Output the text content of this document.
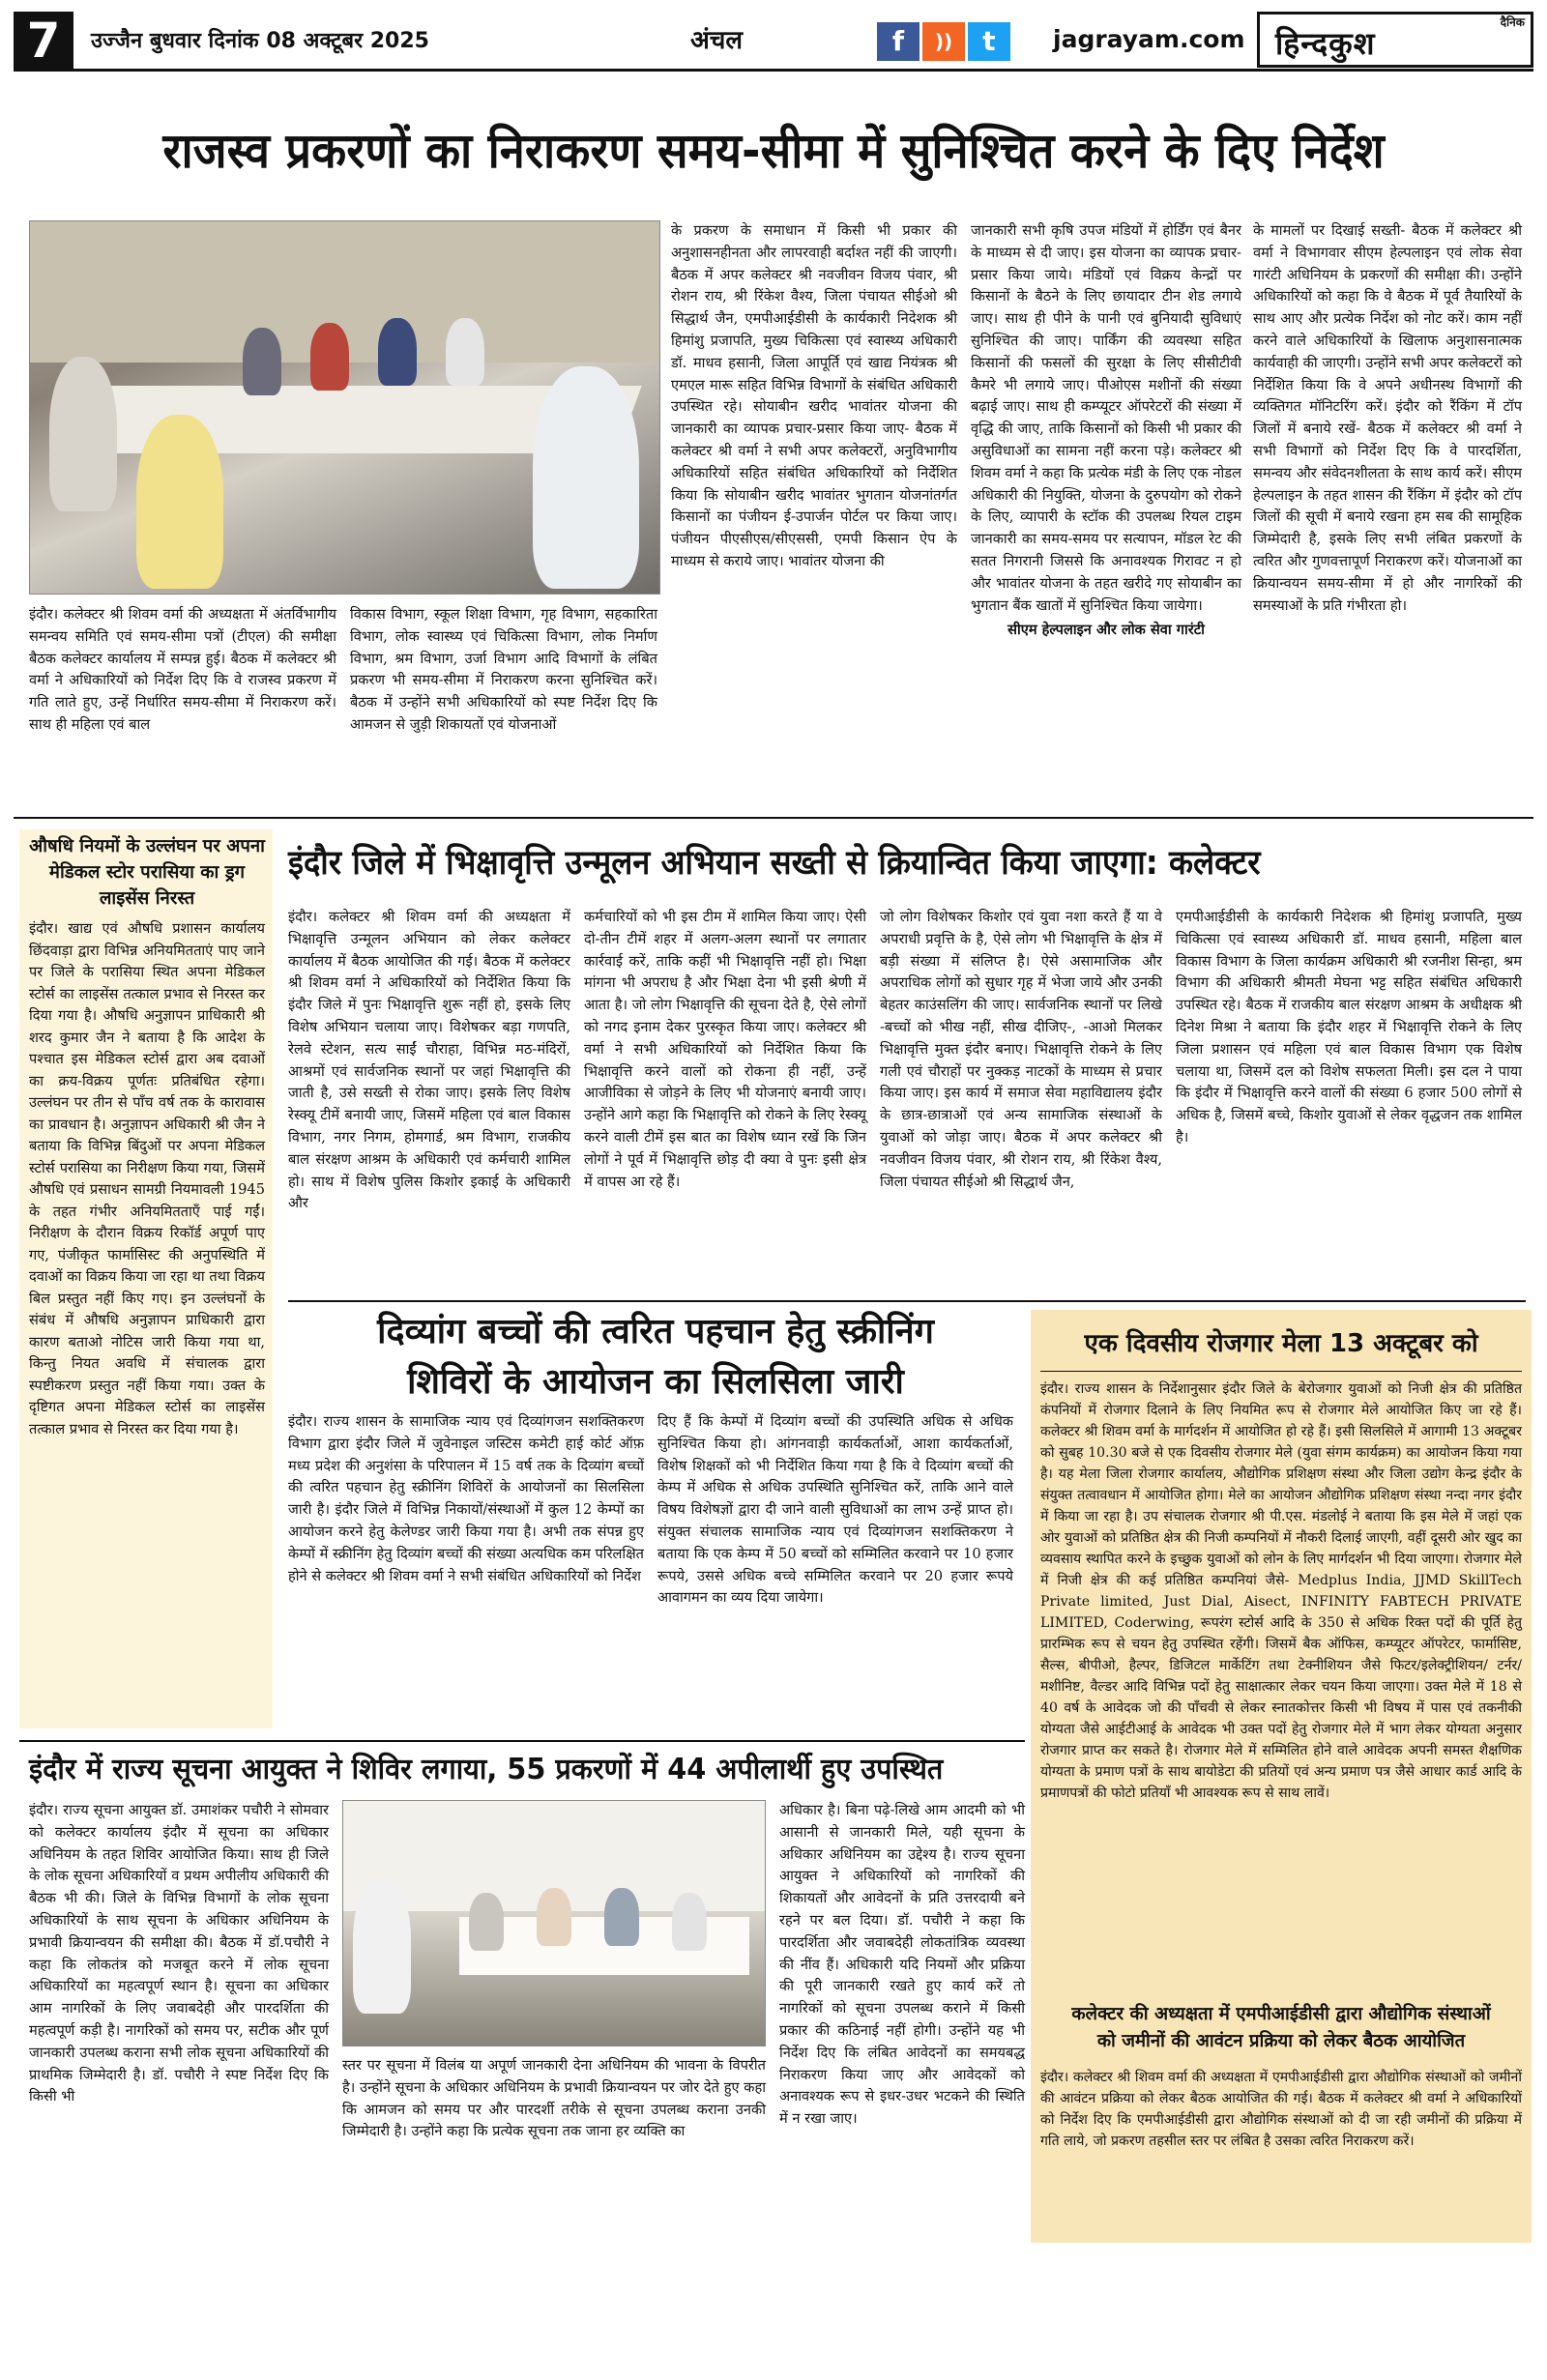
7	उज्जैन बुधवार दिनांक 08 अक्टूबर 2025	अंचल	f	))	t	jagrayam.com
दैनिक
हिन्दकुश
राजस्व प्रकरणों का निराकरण समय-सीमा में सुनिश्चित करने के दिए निर्देश
इंदौर। कलेक्टर श्री शिवम वर्मा की अध्यक्षता में अंतर्विभागीय समन्वय समिति एवं समय-सीमा पत्रों (टीएल) की समीक्षा बैठक कलेक्टर कार्यालय में सम्पन्न हुई। बैठक में कलेक्टर श्री वर्मा ने अधिकारियों को निर्देश दिए कि वे राजस्व प्रकरण में गति लाते हुए, उन्हें निर्धारित समय-सीमा में निराकरण करें। साथ ही महिला एवं बाल
विकास विभाग, स्कूल शिक्षा विभाग, गृह विभाग, सहकारिता विभाग, लोक स्वास्थ्य एवं चिकित्सा विभाग, लोक निर्माण विभाग, श्रम विभाग, उर्जा विभाग आदि विभागों के लंबित प्रकरण भी समय-सीमा में निराकरण करना सुनिश्चित करें। बैठक में उन्होंने सभी अधिकारियों को स्पष्ट निर्देश दिए कि आमजन से जुड़ी शिकायतों एवं योजनाओं
के प्रकरण के समाधान में किसी भी प्रकार की अनुशासनहीनता और लापरवाही बर्दाश्त नहीं की जाएगी। बैठक में अपर कलेक्टर श्री नवजीवन विजय पंवार, श्री रोशन राय, श्री रिंकेश वैश्य, जिला पंचायत सीईओ श्री सिद्धार्थ जैन, एमपीआईडीसी के कार्यकारी निदेशक श्री हिमांशु प्रजापति, मुख्य चिकित्सा एवं स्वास्थ्य अधिकारी डॉ. माधव हसानी, जिला आपूर्ति एवं खाद्य नियंत्रक श्री एमएल मारू सहित विभिन्न विभागों के संबंधित अधिकारी उपस्थित रहे। सोयाबीन खरीद भावांतर योजना की जानकारी का व्यापक प्रचार-प्रसार किया जाए- बैठक में कलेक्टर श्री वर्मा ने सभी अपर कलेक्टरों, अनुविभागीय अधिकारियों सहित संबंधित अधिकारियों को निर्देशित किया कि सोयाबीन खरीद भावांतर भुगतान योजनांतर्गत किसानों का पंजीयन ई-उपार्जन पोर्टल पर किया जाए। पंजीयन पीएसीएस/सीएससी, एमपी किसान ऐप के माध्यम से कराये जाए। भावांतर योजना की

जानकारी सभी कृषि उपज मंडियों में होर्डिंग एवं बैनर के माध्यम से दी जाए। इस योजना का व्यापक प्रचार-प्रसार किया जाये। मंडियों एवं विक्रय केन्द्रों पर किसानों के बैठने के लिए छायादार टीन शेड लगाये जाए। साथ ही पीने के पानी एवं बुनियादी सुविधाएं सुनिश्चित की जाए। पार्किंग की व्यवस्था सहित किसानों की फसलों की सुरक्षा के लिए सीसीटीवी कैमरे भी लगाये जाए। पीओएस मशीनों की संख्या बढ़ाई जाए। साथ ही कम्प्यूटर ऑपरेटरों की संख्या में वृद्धि की जाए, ताकि किसानों को किसी भी प्रकार की असुविधाओं का सामना नहीं करना पड़े। कलेक्टर श्री शिवम वर्मा ने कहा कि प्रत्येक मंडी के लिए एक नोडल अधिकारी की नियुक्ति, योजना के दुरुपयोग को रोकने के लिए, व्यापारी के स्टॉक की उपलब्ध रियल टाइम जानकारी का समय-समय पर सत्यापन, मॉडल रेट की सतत निगरानी जिससे कि अनावश्यक गिरावट न हो और भावांतर योजना के तहत खरीदे गए सोयाबीन का भुगतान बैंक खातों में सुनिश्चित किया जायेगा।

सीएम हेल्पलाइन और लोक सेवा गारंटी

के मामलों पर दिखाई सख्ती- बैठक में कलेक्टर श्री वर्मा ने विभागवार सीएम हेल्पलाइन एवं लोक सेवा गारंटी अधिनियम के प्रकरणों की समीक्षा की। उन्होंने अधिकारियों को कहा कि वे बैठक में पूर्व तैयारियों के साथ आए और प्रत्येक निर्देश को नोट करें। काम नहीं करने वाले अधिकारियों के खिलाफ अनुशासनात्मक कार्यवाही की जाएगी। उन्होंने सभी अपर कलेक्टरों को निर्देशित किया कि वे अपने अधीनस्थ विभागों की व्यक्तिगत मॉनिटरिंग करें। इंदौर को रैंकिंग में टॉप जिलों में बनाये रखें- बैठक में कलेक्टर श्री वर्मा ने सभी विभागों को निर्देश दिए कि वे पारदर्शिता, समन्वय और संवेदनशीलता के साथ कार्य करें। सीएम हेल्पलाइन के तहत शासन की रैंकिंग में इंदौर को टॉप जिलों की सूची में बनाये रखना हम सब की सामूहिक जिम्मेदारी है, इसके लिए सभी लंबित प्रकरणों के त्वरित और गुणवत्तापूर्ण निराकरण करें। योजनाओं का क्रियान्वयन समय-सीमा में हो और नागरिकों की समस्याओं के प्रति गंभीरता हो।
औषधि नियमों के उल्लंघन पर अपना मेडिकल स्टोर परासिया का ड्रग लाइसेंस निरस्त
इंदौर। खाद्य एवं औषधि प्रशासन कार्यालय छिंदवाड़ा द्वारा विभिन्न अनियमितताएं पाए जाने पर जिले के परासिया स्थित अपना मेडिकल स्टोर्स का लाइसेंस तत्काल प्रभाव से निरस्त कर दिया गया है। औषधि अनुज्ञापन प्राधिकारी श्री शरद कुमार जैन ने बताया है कि आदेश के पश्चात इस मेडिकल स्टोर्स द्वारा अब दवाओं का क्रय-विक्रय पूर्णतः प्रतिबंधित रहेगा। उल्लंघन पर तीन से पाँच वर्ष तक के कारावास का प्रावधान है। अनुज्ञापन अधिकारी श्री जैन ने बताया कि विभिन्न बिंदुओं पर अपना मेडिकल स्टोर्स परासिया का निरीक्षण किया गया, जिसमें औषधि एवं प्रसाधन सामग्री नियमावली 1945 के तहत गंभीर अनियमितताएँ पाई गईं। निरीक्षण के दौरान विक्रय रिकॉर्ड अपूर्ण पाए गए, पंजीकृत फार्मासिस्ट की अनुपस्थिति में दवाओं का विक्रय किया जा रहा था तथा विक्रय बिल प्रस्तुत नहीं किए गए। इन उल्लंघनों के संबंध में औषधि अनुज्ञापन प्राधिकारी द्वारा कारण बताओ नोटिस जारी किया गया था, किन्तु नियत अवधि में संचालक द्वारा स्पष्टीकरण प्रस्तुत नहीं किया गया। उक्त के दृष्टिगत अपना मेडिकल स्टोर्स का लाइसेंस तत्काल प्रभाव से निरस्त कर दिया गया है।
इंदौर जिले में भिक्षावृत्ति उन्मूलन अभियान सख्ती से क्रियान्वित किया जाएगा: कलेक्टर
इंदौर। कलेक्टर श्री शिवम वर्मा की अध्यक्षता में भिक्षावृत्ति उन्मूलन अभियान को लेकर कलेक्टर कार्यालय में बैठक आयोजित की गई। बैठक में कलेक्टर श्री शिवम वर्मा ने अधिकारियों को निर्देशित किया कि इंदौर जिले में पुनः भिक्षावृत्ति शुरू नहीं हो, इसके लिए विशेष अभियान चलाया जाए। विशेषकर बड़ा गणपति, रेलवे स्टेशन, सत्य साईं चौराहा, विभिन्न मठ-मंदिरों, आश्रमों एवं सार्वजनिक स्थानों पर जहां भिक्षावृत्ति की जाती है, उसे सख्ती से रोका जाए। इसके लिए विशेष रेस्क्यू टीमें बनायी जाए, जिसमें महिला एवं बाल विकास विभाग, नगर निगम, होमगार्ड, श्रम विभाग, राजकीय बाल संरक्षण आश्रम के अधिकारी एवं कर्मचारी शामिल हो। साथ में विशेष पुलिस किशोर इकाई के अधिकारी और
कर्मचारियों को भी इस टीम में शामिल किया जाए। ऐसी दो-तीन टीमें शहर में अलग-अलग स्थानों पर लगातार कार्रवाई करें, ताकि कहीं भी भिक्षावृत्ति नहीं हो। भिक्षा मांगना भी अपराध है और भिक्षा देना भी इसी श्रेणी में आता है। जो लोग भिक्षावृत्ति की सूचना देते है, ऐसे लोगों को नगद इनाम देकर पुरस्कृत किया जाए। कलेक्टर श्री वर्मा ने सभी अधिकारियों को निर्देशित किया कि भिक्षावृत्ति करने वालों को रोकना ही नहीं, उन्हें आजीविका से जोड़ने के लिए भी योजनाएं बनायी जाए। उन्होंने आगे कहा कि भिक्षावृत्ति को रोकने के लिए रेस्क्यू करने वाली टीमें इस बात का विशेष ध्यान रखें कि जिन लोगों ने पूर्व में भिक्षावृत्ति छोड़ दी क्या वे पुनः इसी क्षेत्र में वापस आ रहे हैं।
जो लोग विशेषकर किशोर एवं युवा नशा करते हैं या वे अपराधी प्रवृत्ति के है, ऐसे लोग भी भिक्षावृत्ति के क्षेत्र में बड़ी संख्या में संलिप्त है। ऐसे असामाजिक और अपराधिक लोगों को सुधार गृह में भेजा जाये और उनकी बेहतर काउंसलिंग की जाए। सार्वजनिक स्थानों पर लिखे -बच्चों को भीख नहीं, सीख दीजिए-, -आओ मिलकर भिक्षावृत्ति मुक्त इंदौर बनाए। भिक्षावृत्ति रोकने के लिए गली एवं चौराहों पर नुक्कड़ नाटकों के माध्यम से प्रचार किया जाए। इस कार्य में समाज सेवा महाविद्यालय इंदौर के छात्र-छात्राओं एवं अन्य सामाजिक संस्थाओं के युवाओं को जोड़ा जाए। बैठक में अपर कलेक्टर श्री नवजीवन विजय पंवार, श्री रोशन राय, श्री रिंकेश वैश्य, जिला पंचायत सीईओ श्री सिद्धार्थ जैन,
एमपीआईडीसी के कार्यकारी निदेशक श्री हिमांशु प्रजापति, मुख्य चिकित्सा एवं स्वास्थ्य अधिकारी डॉ. माधव हसानी, महिला बाल विकास विभाग के जिला कार्यक्रम अधिकारी श्री रजनीश सिन्हा, श्रम विभाग की अधिकारी श्रीमती मेघना भट्ट सहित संबंधित अधिकारी उपस्थित रहे। बैठक में राजकीय बाल संरक्षण आश्रम के अधीक्षक श्री दिनेश मिश्रा ने बताया कि इंदौर शहर में भिक्षावृत्ति रोकने के लिए जिला प्रशासन एवं महिला एवं बाल विकास विभाग एक विशेष चलाया था, जिसमें दल को विशेष सफलता मिली। इस दल ने पाया कि इंदौर में भिक्षावृत्ति करने वालों की संख्या 6 हजार 500 लोगों से अधिक है, जिसमें बच्चे, किशोर युवाओं से लेकर वृद्धजन तक शामिल है।
दिव्यांग बच्चों की त्वरित पहचान हेतु स्क्रीनिंग
शिविरों के आयोजन का सिलसिला जारी
इंदौर। राज्य शासन के सामाजिक न्याय एवं दिव्यांगजन सशक्तिकरण विभाग द्वारा इंदौर जिले में जुवेनाइल जस्टिस कमेटी हाई कोर्ट ऑफ़ मध्य प्रदेश की अनुशंसा के परिपालन में 15 वर्ष तक के दिव्यांग बच्चों की त्वरित पहचान हेतु स्क्रीनिंग शिविरों के आयोजनों का सिलसिला जारी है। इंदौर जिले में विभिन्न निकायों/संस्थाओं में कुल 12 केम्पों का आयोजन करने हेतु केलेण्डर जारी किया गया है। अभी तक संपन्न हुए केम्पों में स्क्रीनिंग हेतु दिव्यांग बच्चों की संख्या अत्यधिक कम परिलक्षित होने से कलेक्टर श्री शिवम वर्मा ने सभी संबंधित अधिकारियों को निर्देश
दिए हैं कि केम्पों में दिव्यांग बच्चों की उपस्थिति अधिक से अधिक सुनिश्चित किया हो। आंगनवाड़ी कार्यकर्ताओं, आशा कार्यकर्ताओं, विशेष शिक्षकों को भी निर्देशित किया गया है कि वे दिव्यांग बच्चों की केम्प में अधिक से अधिक उपस्थिति सुनिश्चित करें, ताकि आने वाले विषय विशेषज्ञों द्वारा दी जाने वाली सुविधाओं का लाभ उन्हें प्राप्त हो। संयुक्त संचालक सामाजिक न्याय एवं दिव्यांगजन सशक्तिकरण ने बताया कि एक केम्प में 50 बच्चों को सम्मिलित करवाने पर 10 हजार रूपये, उससे अधिक बच्चे सम्मिलित करवाने पर 20 हजार रूपये आवागमन का व्यय दिया जायेगा।
एक दिवसीय रोजगार मेला 13 अक्टूबर को
इंदौर। राज्य शासन के निर्देशानुसार इंदौर जिले के बेरोजगार युवाओं को निजी क्षेत्र की प्रतिष्ठित कंपनियों में रोजगार दिलाने के लिए नियमित रूप से रोजगार मेले आयोजित किए जा रहे हैं। कलेक्टर श्री शिवम वर्मा के मार्गदर्शन में आयोजित हो रहे हैं। इसी सिलसिले में आगामी 13 अक्टूबर को सुबह 10.30 बजे से एक दिवसीय रोजगार मेले (युवा संगम कार्यक्रम) का आयोजन किया गया है। यह मेला जिला रोजगार कार्यालय, औद्योगिक प्रशिक्षण संस्था और जिला उद्योग केन्द्र इंदौर के संयुक्त तत्वावधान में आयोजित होगा। मेले का आयोजन औद्योगिक प्रशिक्षण संस्था नन्दा नगर इंदौर में किया जा रहा है। उप संचालक रोजगार श्री पी.एस. मंडलोई ने बताया कि इस मेले में जहां एक ओर युवाओं को प्रतिष्ठित क्षेत्र की निजी कम्पनियों में नौकरी दिलाई जाएगी, वहीं दूसरी ओर खुद का व्यवसाय स्थापित करने के इच्छुक युवाओं को लोन के लिए मार्गदर्शन भी दिया जाएगा। रोजगार मेले में निजी क्षेत्र की कई प्रतिष्ठित कम्पनियां जैसे- Medplus India, JJMD SkillTech Private limited, Just Dial, Aisect, INFINITY FABTECH PRIVATE LIMITED, Coderwing, रूपरंग स्टोर्स आदि के 350 से अधिक रिक्त पदों की पूर्ति हेतु प्रारम्भिक रूप से चयन हेतु उपस्थित रहेंगी। जिसमें बैक ऑफिस, कम्प्यूटर ऑपरेटर, फार्मासिष्ट, सैल्स, बीपीओ, हैल्पर, डिजिटल मार्केटिंग तथा टेक्नीशियन जैसे फिटर/इलेक्ट्रीशियन/ टर्नर/ मशीनिष्ट, वैल्डर आदि विभिन्न पदों हेतु साक्षात्कार लेकर चयन किया जाएगा। उक्त मेले में 18 से 40 वर्ष के आवेदक जो की पाँचवी से लेकर स्नातकोत्तर किसी भी विषय में पास एवं तकनीकी योग्यता जैसे आईटीआई के आवेदक भी उक्त पदों हेतु रोजगार मेले में भाग लेकर योग्यता अनुसार रोजगार प्राप्त कर सकते है। रोजगार मेले में सम्मिलित होने वाले आवेदक अपनी समस्त शैक्षणिक योग्यता के प्रमाण पत्रों के साथ बायोडेटा की प्रतियों एवं अन्य प्रमाण पत्र जैसे आधार कार्ड आदि के प्रमाणपत्रों की फोटो प्रतियाँ भी आवश्यक रूप से साथ लावें।
कलेक्टर की अध्यक्षता में एमपीआईडीसी द्वारा औद्योगिक संस्थाओं
को जमीनों की आवंटन प्रक्रिया को लेकर बैठक आयोजित
इंदौर। कलेक्टर श्री शिवम वर्मा की अध्यक्षता में एमपीआईडीसी द्वारा औद्योगिक संस्थाओं को जमीनों की आवंटन प्रक्रिया को लेकर बैठक आयोजित की गई। बैठक में कलेक्टर श्री वर्मा ने अधिकारियों को निर्देश दिए कि एमपीआईडीसी द्वारा औद्योगिक संस्थाओं को दी जा रही जमीनों की प्रक्रिया में गति लाये, जो प्रकरण तहसील स्तर पर लंबित है उसका त्वरित निराकरण करें।
इंदौर में राज्य सूचना आयुक्त ने शिविर लगाया, 55 प्रकरणों में 44 अपीलार्थी हुए उपस्थित
इंदौर। राज्य सूचना आयुक्त डॉ. उमाशंकर पचौरी ने सोमवार को कलेक्टर कार्यालय इंदौर में सूचना का अधिकार अधिनियम के तहत शिविर आयोजित किया। साथ ही जिले के लोक सूचना अधिकारियों व प्रथम अपीलीय अधिकारी की बैठक भी की। जिले के विभिन्न विभागों के लोक सूचना अधिकारियों के साथ सूचना के अधिकार अधिनियम के प्रभावी क्रियान्वयन की समीक्षा की। बैठक में डॉ.पचौरी ने कहा कि लोकतंत्र को मजबूत करने में लोक सूचना अधिकारियों का महत्वपूर्ण स्थान है। सूचना का अधिकार आम नागरिकों के लिए जवाबदेही और पारदर्शिता की महत्वपूर्ण कड़ी है। नागरिकों को समय पर, सटीक और पूर्ण जानकारी उपलब्ध कराना सभी लोक सूचना अधिकारियों की प्राथमिक जिम्मेदारी है। डॉ. पचौरी ने स्पष्ट निर्देश दिए कि किसी भी
स्तर पर सूचना में विलंब या अपूर्ण जानकारी देना अधिनियम की भावना के विपरीत है। उन्होंने सूचना के अधिकार अधिनियम के प्रभावी क्रियान्वयन पर जोर देते हुए कहा कि आमजन को समय पर और पारदर्शी तरीके से सूचना उपलब्ध कराना उनकी जिम्मेदारी है। उन्होंने कहा कि प्रत्येक सूचना तक जाना हर व्यक्ति का
अधिकार है। बिना पढ़े-लिखे आम आदमी को भी आसानी से जानकारी मिले, यही सूचना के अधिकार अधिनियम का उद्देश्य है। राज्य सूचना आयुक्त ने अधिकारियों को नागरिकों की शिकायतों और आवेदनों के प्रति उत्तरदायी बने रहने पर बल दिया। डॉ. पचौरी ने कहा कि पारदर्शिता और जवाबदेही लोकतांत्रिक व्यवस्था की नींव हैं। अधिकारी यदि नियमों और प्रक्रिया की पूरी जानकारी रखते हुए कार्य करें तो नागरिकों को सूचना उपलब्ध कराने में किसी प्रकार की कठिनाई नहीं होगी। उन्होंने यह भी निर्देश दिए कि लंबित आवेदनों का समयबद्ध निराकरण किया जाए और आवेदकों को अनावश्यक रूप से इधर-उधर भटकने की स्थिति में न रखा जाए।
